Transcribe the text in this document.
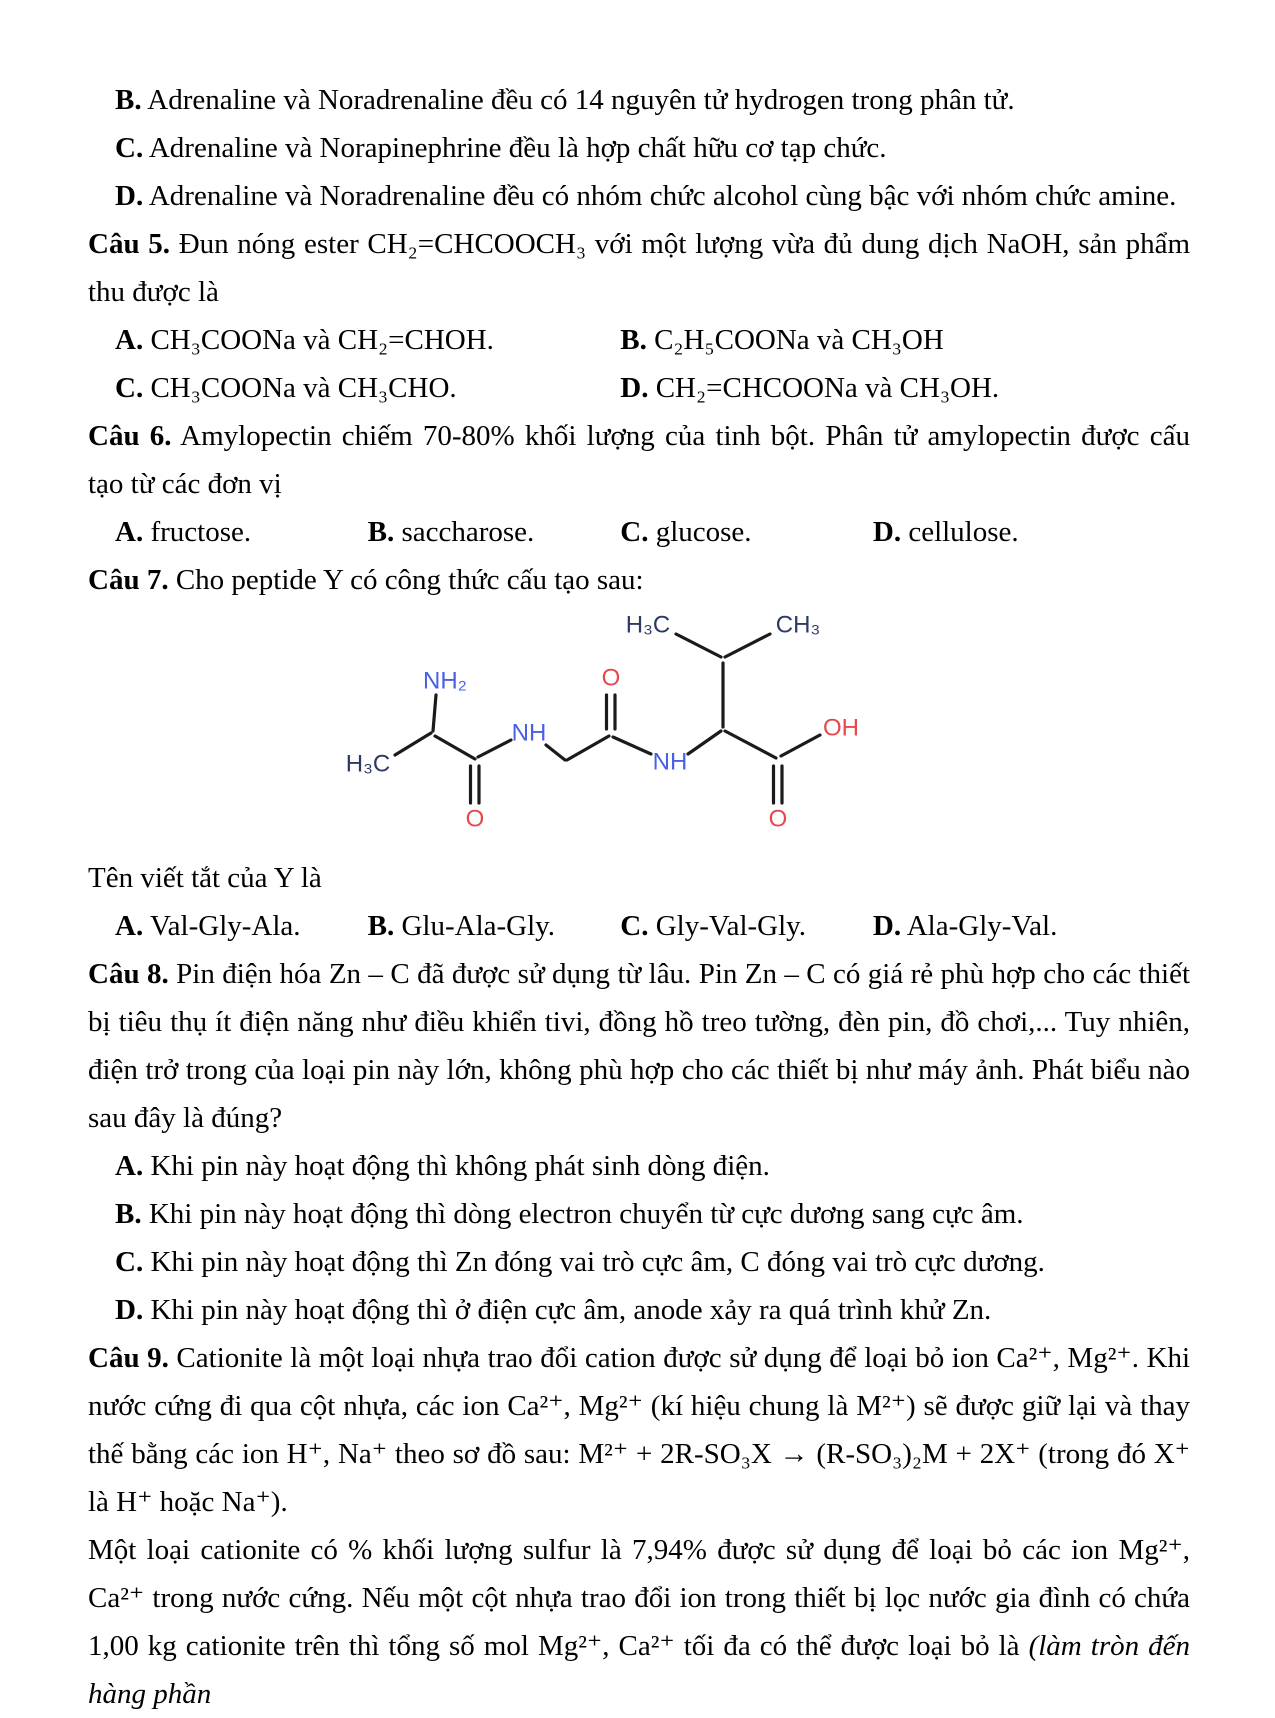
B. Adrenaline và Noradrenaline đều có 14 nguyên tử hydrogen trong phân tử.

C. Adrenaline và Norapinephrine đều là hợp chất hữu cơ tạp chức.

D. Adrenaline và Noradrenaline đều có nhóm chức alcohol cùng bậc với nhóm chức amine.

Câu 5. Đun nóng ester CH₂=CHCOOCH₃ với một lượng vừa đủ dung dịch NaOH, sản phẩm thu được là

A. CH₃COONa và CH₂=CHOH.	B. C₂H₅COONa và CH₃OH
C. CH₃COONa và CH₃CHO.	D. CH₂=CHCOONa và CH₃OH.

Câu 6. Amylopectin chiếm 70-80% khối lượng của tinh bột. Phân tử amylopectin được cấu tạo từ các đơn vị

A. fructose.	B. saccharose.	C. glucose.	D. cellulose.

Câu 7. Cho peptide Y có công thức cấu tạo sau:

NH₂
H₃C
O
NH
O
NH
H₃C	CH₃
OH
O

Tên viết tắt của Y là

A. Val-Gly-Ala.	B. Glu-Ala-Gly.	C. Gly-Val-Gly.	D. Ala-Gly-Val.

Câu 8. Pin điện hóa Zn – C đã được sử dụng từ lâu. Pin Zn – C có giá rẻ phù hợp cho các thiết bị tiêu thụ ít điện năng như điều khiển tivi, đồng hồ treo tường, đèn pin, đồ chơi,... Tuy nhiên, điện trở trong của loại pin này lớn, không phù hợp cho các thiết bị như máy ảnh. Phát biểu nào sau đây là đúng?

A. Khi pin này hoạt động thì không phát sinh dòng điện.

B. Khi pin này hoạt động thì dòng electron chuyển từ cực dương sang cực âm.

C. Khi pin này hoạt động thì Zn đóng vai trò cực âm, C đóng vai trò cực dương.

D. Khi pin này hoạt động thì ở điện cực âm, anode xảy ra quá trình khử Zn.

Câu 9. Cationite là một loại nhựa trao đổi cation được sử dụng để loại bỏ ion Ca²⁺, Mg²⁺. Khi nước cứng đi qua cột nhựa, các ion Ca²⁺, Mg²⁺ (kí hiệu chung là M²⁺) sẽ được giữ lại và thay thế bằng các ion H⁺, Na⁺ theo sơ đồ sau: M²⁺ + 2R-SO₃X → (R-SO₃)₂M + 2X⁺ (trong đó X⁺ là H⁺ hoặc Na⁺).

Một loại cationite có % khối lượng sulfur là 7,94% được sử dụng để loại bỏ các ion Mg²⁺, Ca²⁺ trong nước cứng. Nếu một cột nhựa trao đổi ion trong thiết bị lọc nước gia đình có chứa 1,00 kg cationite trên thì tổng số mol Mg²⁺, Ca²⁺ tối đa có thể được loại bỏ là (làm tròn đến hàng phần
